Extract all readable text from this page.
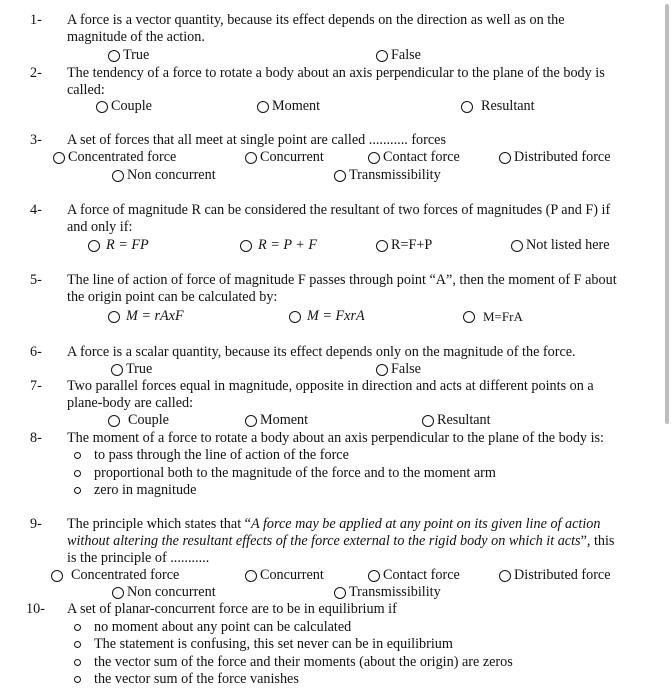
1-	A force is a vector quantity, because its effect depends on the direction as well as on the magnitude of the action.
True	False
2-	The tendency of a force to rotate a body about an axis perpendicular to the plane of the body is called:
Couple	Moment	Resultant
3-	A set of forces that all meet at single point are called ........... forces
Concentrated force	Concurrent	Contact force	Distributed force
Non concurrent	Transmissibility
4-	A force of magnitude R can be considered the resultant of two forces of magnitudes (P and F) if and only if:
R = FP	R = P + F	R=F+P	Not listed here
5-	The line of action of force of magnitude F passes through point “A”, then the moment of F about the origin point can be calculated by:
M = rAxF	M = FxrA	M=FrA
6-	A force is a scalar quantity, because its effect depends only on the magnitude of the force.
True	False
7-	Two parallel forces equal in magnitude, opposite in direction and acts at different points on a plane-body are called:
Couple	Moment	Resultant
8-	The moment of a force to rotate a body about an axis perpendicular to the plane of the body is:
to pass through the line of action of the force
proportional both to the magnitude of the force and to the moment arm
zero in magnitude
9-	The principle which states that “A force may be applied at any point on its given line of action without altering the resultant effects of the force external to the rigid body on which it acts”, this is the principle of ...........
Concentrated force	Concurrent	Contact force	Distributed force
Non concurrent	Transmissibility
10-	A set of planar-concurrent force are to be in equilibrium if
no moment about any point can be calculated
The statement is confusing, this set never can be in equilibrium
the vector sum of the force and their moments (about the origin) are zeros
the vector sum of the force vanishes
